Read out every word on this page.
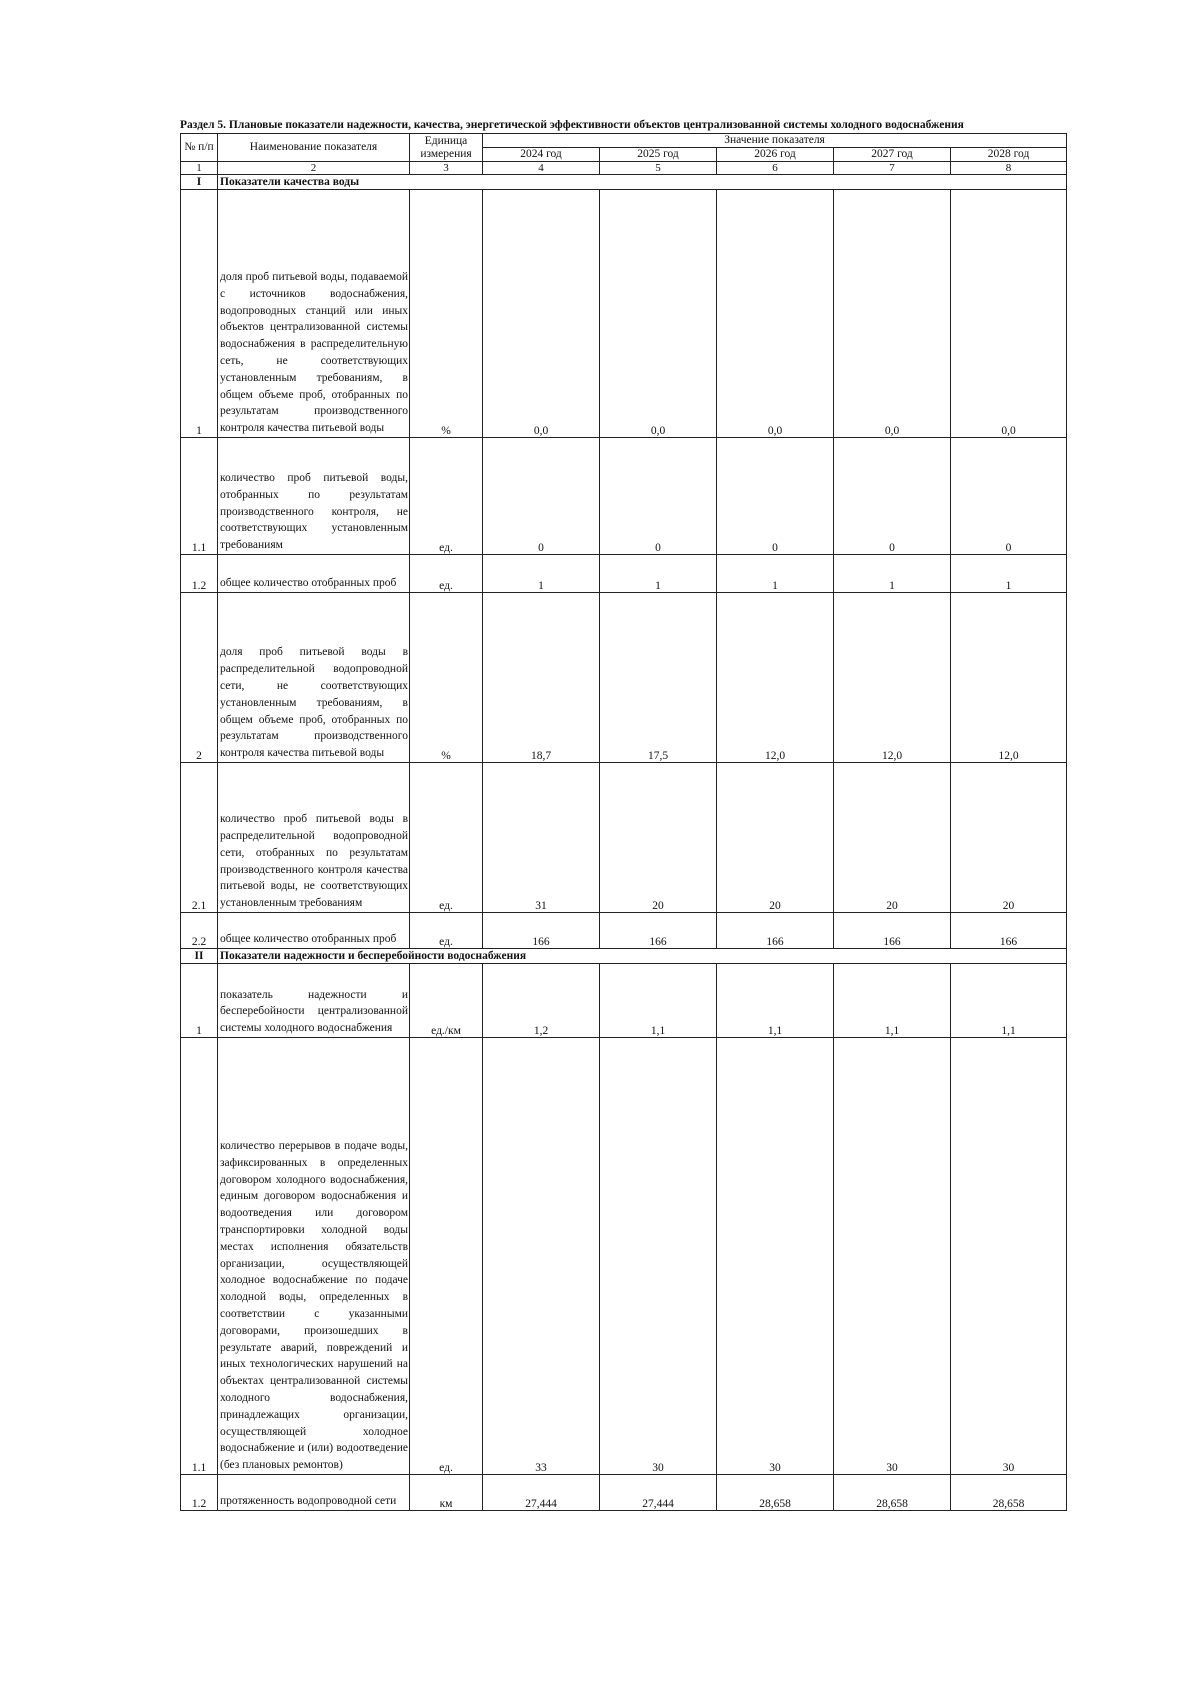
Раздел 5. Плановые показатели надежности, качества, энергетической эффективности объектов централизованной системы холодного водоснабжения

№ п/п	Наименование показателя	Единица измерения	Значение показателя				
			2024 год	2025 год	2026 год	2027 год	2028 год
1	2	3	4	5	6	7	8
I	Показатели качества воды						
1	доля проб питьевой воды, подаваемой с источников водоснабжения, водопроводных станций или иных объектов централизованной системы водоснабжения в распределительную сеть, не соответствующих установленным требованиям, в общем объеме проб, отобранных по результатам производственного контроля качества питьевой воды	%	0,0	0,0	0,0	0,0	0,0
1.1	количество проб питьевой воды, отобранных по результатам производственного контроля, не соответствующих установленным требованиям	ед.	0	0	0	0	0
1.2	общее количество отобранных проб	ед.	1	1	1	1	1
2	доля проб питьевой воды в распределительной водопроводной сети, не соответствующих установленным требованиям, в общем объеме проб, отобранных по результатам производственного контроля качества питьевой воды	%	18,7	17,5	12,0	12,0	12,0
2.1	количество проб питьевой воды в распределительной водопроводной сети, отобранных по результатам производственного контроля качества питьевой воды, не соответствующих установленным требованиям	ед.	31	20	20	20	20
2.2	общее количество отобранных проб	ед.	166	166	166	166	166
II	Показатели надежности и бесперебойности водоснабжения						
1	показатель надежности и бесперебойности централизованной системы холодного водоснабжения	ед./км	1,2	1,1	1,1	1,1	1,1
1.1	количество перерывов в подаче воды, зафиксированных в определенных договором холодного водоснабжения, единым договором водоснабжения и водоотведения или договором транспортировки холодной воды местах исполнения обязательств организации, осуществляющей холодное водоснабжение по подаче холодной воды, определенных в соответствии с указанными договорами, произошедших в результате аварий, повреждений и иных технологических нарушений на объектах централизованной системы холодного водоснабжения, принадлежащих организации, осуществляющей холодное водоснабжение и (или) водоотведение (без плановых ремонтов)	ед.	33	30	30	30	30
1.2	протяженность водопроводной сети	км	27,444	27,444	28,658	28,658	28,658
